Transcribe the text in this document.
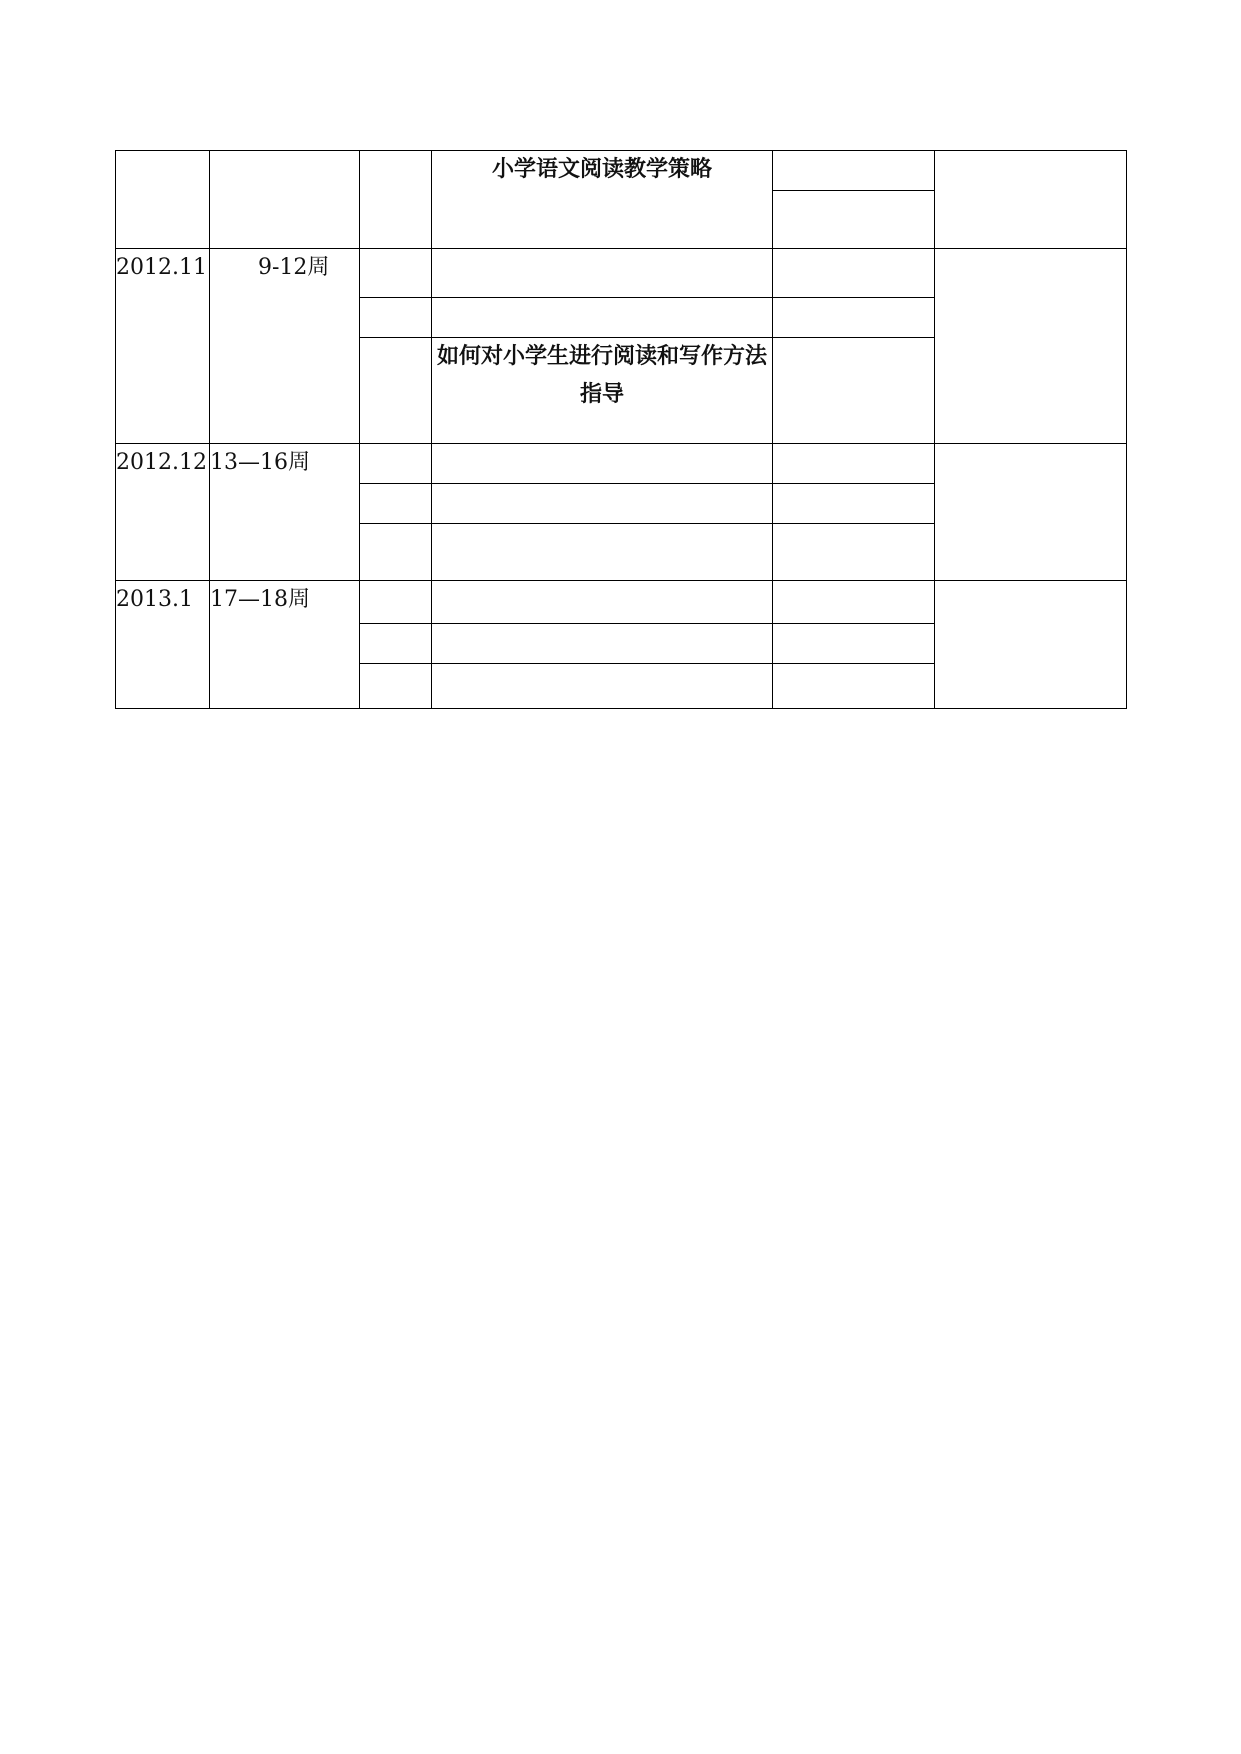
			小学语文阅读教学策略		

2012.11	9-12周				

			如何对小学生进行阅读和写作方法指导		
2012.12	13—16周				

2013.1	17—18周				
